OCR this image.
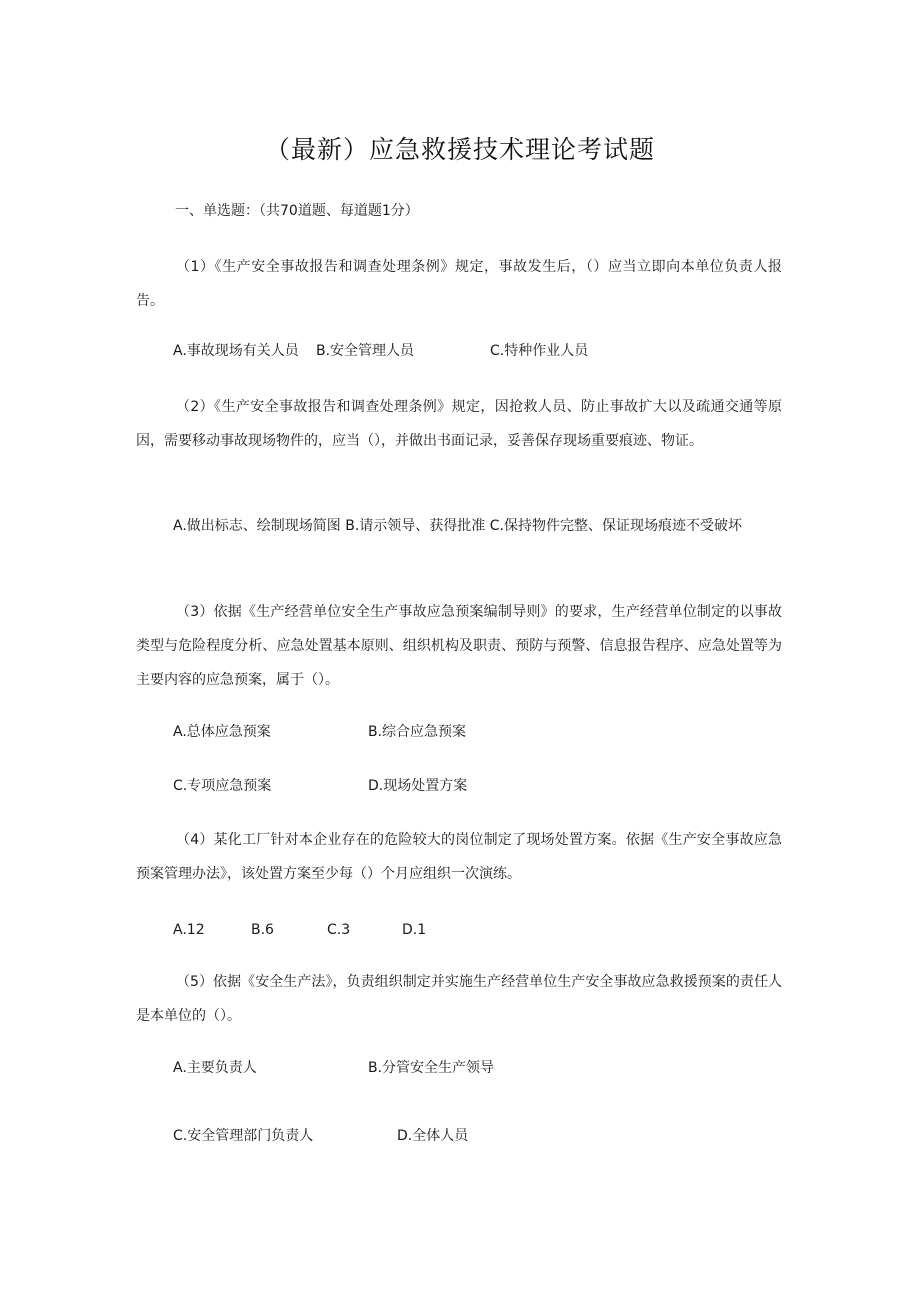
（最新）应急救援技术理论考试题
一、单选题：（共70道题、每道题1分）
（1）《生产安全事故报告和调查处理条例》规定，事故发生后，（）应当立即向本单位负责人报告。
A.事故现场有关人员 B.安全管理人员	C.特种作业人员
（2）《生产安全事故报告和调查处理条例》规定，因抢救人员、防止事故扩大以及疏通交通等原因，需要移动事故现场物件的，应当（），并做出书面记录，妥善保存现场重要痕迹、物证。
A.做出标志、绘制现场简图 B.请示领导、获得批准 C.保持物件完整、保证现场痕迹不受破坏
（3）依据《生产经营单位安全生产事故应急预案编制导则》的要求，生产经营单位制定的以事故类型与危险程度分析、应急处置基本原则、组织机构及职责、预防与预警、信息报告程序、应急处置等为主要内容的应急预案，属于（）。
A.总体应急预案	B.综合应急预案
C.专项应急预案	D.现场处置方案
（4）某化工厂针对本企业存在的危险较大的岗位制定了现场处置方案。依据《生产安全事故应急预案管理办法》，该处置方案至少每（）个月应组织一次演练。
A.12	B.6	C.3	D.1
（5）依据《安全生产法》，负责组织制定并实施生产经营单位生产安全事故应急救援预案的责任人是本单位的（）。
A.主要负责人	B.分管安全生产领导
C.安全管理部门负责人	D.全体人员
